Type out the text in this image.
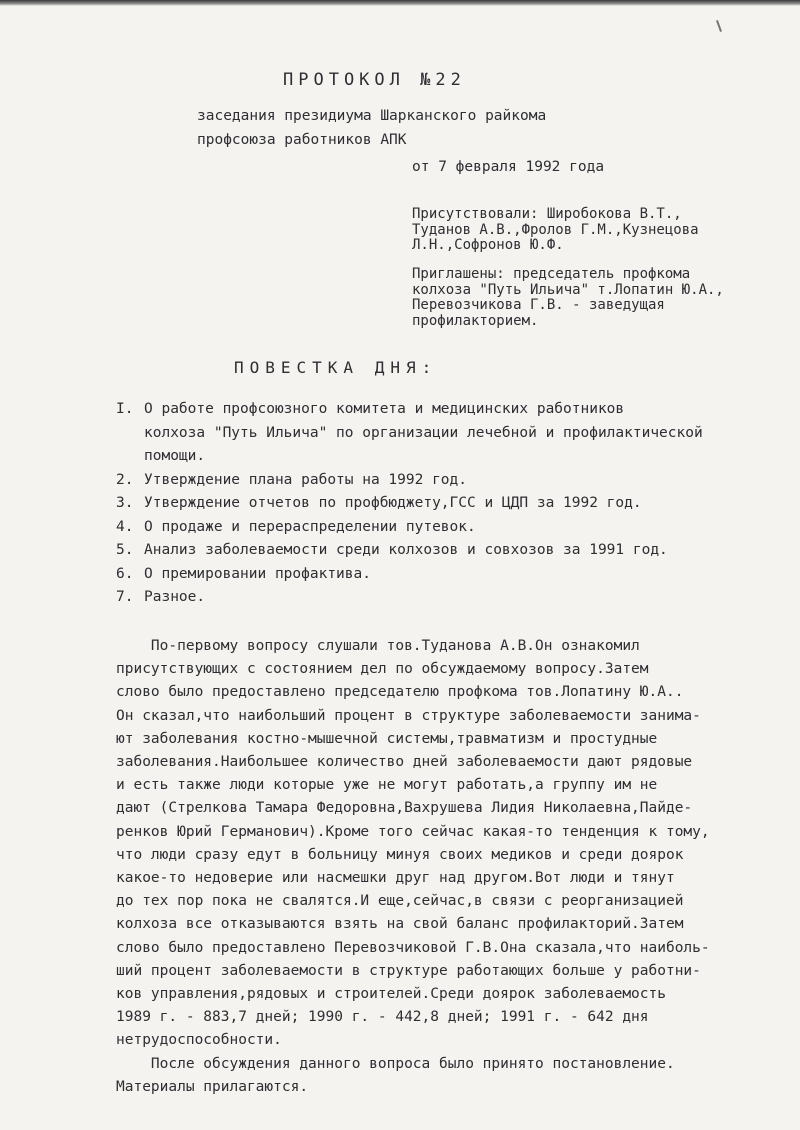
ПРОТОКОЛ №22
заседания президиума Шарканского райкома
профсоюза работников АПК
от 7 февраля 1992 года
Присутствовали: Широбокова В.Т.,
Туданов А.В.,Фролов Г.М.,Кузнецова
Л.Н.,Софронов Ю.Ф.
Приглашены: председатель профкома
колхоза "Путь Ильича" т.Лопатин Ю.А.,
Перевозчикова Г.В. - заведущая
профилакторием.
ПОВЕСТКА ДНЯ:
I. О работе профсоюзного комитета и медицинских работников
колхоза "Путь Ильича" по организации лечебной и профилактической
помощи.
2. Утверждение плана работы на 1992 год.
3. Утверждение отчетов по профбюджету,ГСС и ЦДП за 1992 год.
4. О продаже и перераспределении путевок.
5. Анализ заболеваемости среди колхозов и совхозов за 1991 год.
6. О премировании профактива.
7. Разное.

По-первому вопросу слушали тов.Туданова А.В.Он ознакомил
присутствующих с состоянием дел по обсуждаемому вопросу.Затем
слово было предоставлено председателю профкома тов.Лопатину Ю.А..
Он сказал,что наибольший процент в структуре заболеваемости занима-
ют заболевания костно-мышечной системы,травматизм и простудные
заболевания.Наибольшее количество дней заболеваемости дают рядовые
и есть также люди которые уже не могут работать,а группу им не
дают (Стрелкова Тамара Федоровна,Вахрушева Лидия Николаевна,Пайде-
ренков Юрий Германович).Кроме того сейчас какая-то тенденция к тому,
что люди сразу едут в больницу минуя своих медиков и среди доярок
какое-то недоверие или насмешки друг над другом.Вот люди и тянут
до тех пор пока не свалятся.И еще,сейчас,в связи с реорганизацией
колхоза все отказываются взять на свой баланс профилакторий.Затем
слово было предоставлено Перевозчиковой Г.В.Она сказала,что наиболь-
ший процент заболеваемости в структуре работающих больше у работни-
ков управления,рядовых и строителей.Среди доярок заболеваемость
1989 г. - 883,7 дней; 1990 г. - 442,8 дней; 1991 г. - 642 дня
нетрудоспособности.

После обсуждения данного вопроса было принято постановление.
Материалы прилагаются.
